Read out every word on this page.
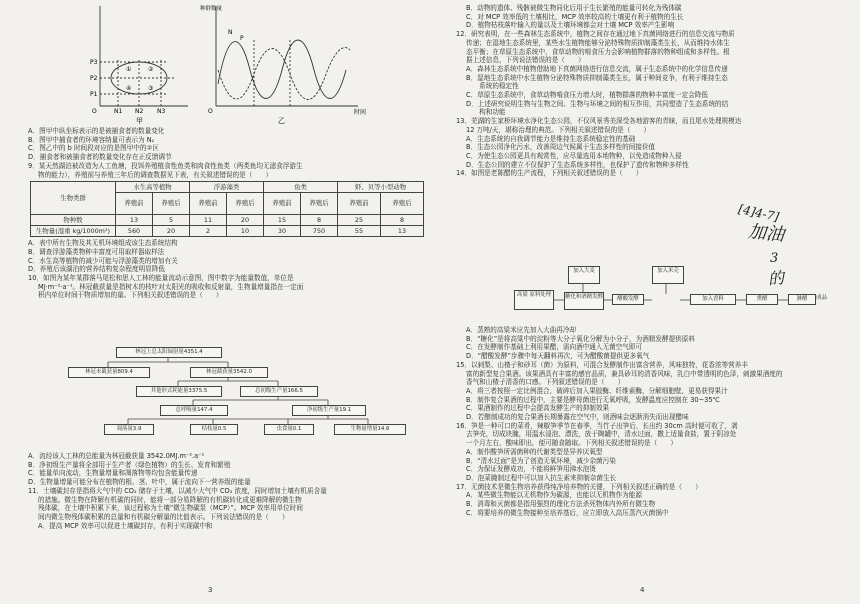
P3
P2
P1
O	N1 N2 N3
①	②
③
④
甲
种群数量
N
P
O	时间
乙
A．图甲中纵坐标表示的是被捕食者的数量变化
B．图甲中捕食者的环境容纳量可表示为 N₂
C．图乙中的 b 时间段对应的是图甲中的②区
D．捕食者和被捕食者的数量变化存在正反馈调节
9．某天然湖泊被改造为人工鱼塘，投饵养殖植食性鱼类和肉食性鱼类（两类鱼均无滤食浮游生
物的能力），养殖前与养殖三年后的调查数据见下表，有关叙述错误的是（　　）
生物类群	水生高等植物		浮游藻类		鱼类		虾、贝等小型动物	
	养殖前	养殖后	养殖前	养殖后	养殖前	养殖后	养殖前	养殖后
物种数	13	5	11	20	15	8	25	8
生物量(湿重 kg/1000m²)	560	20	2	10	30	750	55	13
A．表中所有生物及其无机环境组成该生态系统结构
B．调查浮游藻类物种丰富度可用取样器取样法
C．水生高等植物的减少可能与浮游藻类的增加有关
D．养殖后该湖泊的营养结构复杂程度明显降低
10．如图为某年某群落马尾松和思人工林的能量流动示意图，图中数字为能量数值，单位是
MJ·m⁻²·a⁻¹。林冠截获量是指树木的枝叶对太阳光的吸收和反射量，生物量增量指在一定面
积内单位时间干物质增加的量。下列相关叙述错误的是（　　）
林冠上总太阳辐射量4351.4
林冠未截获量809.4	林冠截获量3542.0
其他形式耗能量3375.5	总初级生产量166.5
总呼吸量147.4	净初级生产量19.1
凋落量3.9	枯枝量0.5	虫食量0.1	生物量增量14.6
A．流经该人工林的总能量为林冠截获量 3542.0MJ.m⁻².a⁻¹
B．净初级生产量将全部用于生产者（绿色植物）的生长、发育和繁殖
C．能量单向流动，生物量增量和凋落物等均包含能量传递
D．生物量增量可能分布在植物的根、茎、叶中，属于流向下一营养级的能量
11．土壤碳封存是指将大气中的 CO₂ 储存于土壤，以减少大气中 CO₂ 浓度，同时增加土壤有机质含量
的措施。微生物在降解有机碳的同时，能将一部分易降解的有机碳转化成更难降解的微生物
残体碳，在土壤中积累下来，该过程称为土壤“微生物碳泵（MCP）”。MCP 效率用单位时间
间内微生物残体碳积累的总量和有机碳分解量的比值表示。下列说法错误的是（　　）
A．提高 MCP 效率可以促进土壤碳封存，有利于实现碳中和
3
B．动物的遗体、残骸被微生物同化后用于生长繁殖的能量可转化为残体碳
C．对 MCP 效率低的土壤相比，MCP 效率较高的土壤更有利于植物的生长
D．植物枯枝落叶输入的量以及土壤环境都会对土壤 MCP 效率产生影响
12．研究表明，在一些森林生态系统中，植物之间存在通过地下真菌网络进行的信息交流与物质
传递；在湿地生态系统里，某些水生植物能够分泌特殊物质抑制藻类生长，从而维持水体生
态平衡；在草原生态系统中，食草动物的啃食压力会影响植物群落的物种组成和多样性。根
据上述信息，下列说法错误的是（　　）
A．森林生态系统中植物借助地下真菌网络进行信息交流，属于生态系统中的化学信息传递
B．湿地生态系统中水生植物分泌特殊物质抑制藻类生长，属于种间竞争，有利于维持生态
　　系统的稳定性
C．草原生态系统中，食草动物啃食压力增大时，植物群落的物种丰富度一定会降低
D．上述研究说明生物与生物之间、生物与环境之间的相互作用，共同塑造了生态系统的结
　　构和功能
13．芜湖的生家桥环境水净化生态公园，不仅风景秀美深受各地游客的青睐，而且尾水处理规模达
12 万吨/天，堪称治理的典范。下列相关叙述错误的是（　　）
A．生态系统的自我调节能力是维持生态系统稳定性的基础
B．生态公园净化污水，改善周边气候属于生态多样性的间接价值
C．为使生态公园更具有观赏性，应尽量选用本地物种，以免造成物种入侵
D．生态公园的建立不仅保护了生态系统多样性，也保护了遗传和物种多样性
14．如图是老陈醋的生产流程，下列相关叙述错误的是（　　）
高粱 原料处理
加入大麦
糖化和酒精发酵	醋酸发酵
加入米壳
加入香料	熏醋	淋醋	成品
A．蒸熟的高粱米应先加入大曲再冷却
B．“糖化”是将高粱中的淀粉等大分子氧化分解为小分子，为酒精发酵提供原料
C．在发酵制作基础上利用果醋，需向酒中通入无菌空气即可
D．“醋酸发酵”步骤中每天翻料再次，可为醋酸菌提供更多氧气
15．以刺梨、山楂子和砂耳（菌）为原料，可混合发酵制作出富含营养，风味独特，花香浓等营养丰
富的新型复合果酒。该果酒具有丰富的感官品质，兼具砂耳的清香风味，乳白中带透明的色泽，刺激果酒度的
香气和山楂子清香的口感。下列叙述错误的是（　　）
A．将三者按照一定比例混合，破碎后加入果胶酶、纤维素酶，分解细胞壁，更易获得果汁
B．制作复合果酒的过程中，主要是酵母菌进行无氧呼吸，发酵温度应控制在 30~35℃
C．果酒制作的过程中会提高发酵生产的抑制效果
D．若酿制成功的复合果酒长期暴露在空气中，则酒味会逐渐消失而出现醋味
16．笋是一种可口的菜肴，辣椒笋季节在春季，当竹子出笋后，长出约 30cm 高时便可收了，剥
去笋壳，切成块腌，用温水浸泡、漂洗，放于陶罐中，清水过面，撒上适量食盐，置于阴凉处
一个月左右，酸味即出，便可随食随取。下列相关叙述错误的是（　　）
A．制作酸笋所需菌种的代谢类型是异养厌氧型
B．“清水过面”是为了创造无氧环境，减少杂菌污染
C．为保证发酵成功，不能将鲜笋用沸水泡烫
D．泡菜腌制过程中可以加入抗生素来抑制杂菌生长
17．无菌技术是微生物培养获得纯净培养物的关键，下列相关叙述正确的是（　　）
A．某些微生物能以无机物作为碳源，也能以无机物作为能源
B．消毒和灭菌都是指用强烈的理化方法杀死物体内外所有微生物
C．将要培养的微生物接种至培养基后，应立即放入高压蒸汽灭菌锅中
[4]4-7]
加油
3
的
4
